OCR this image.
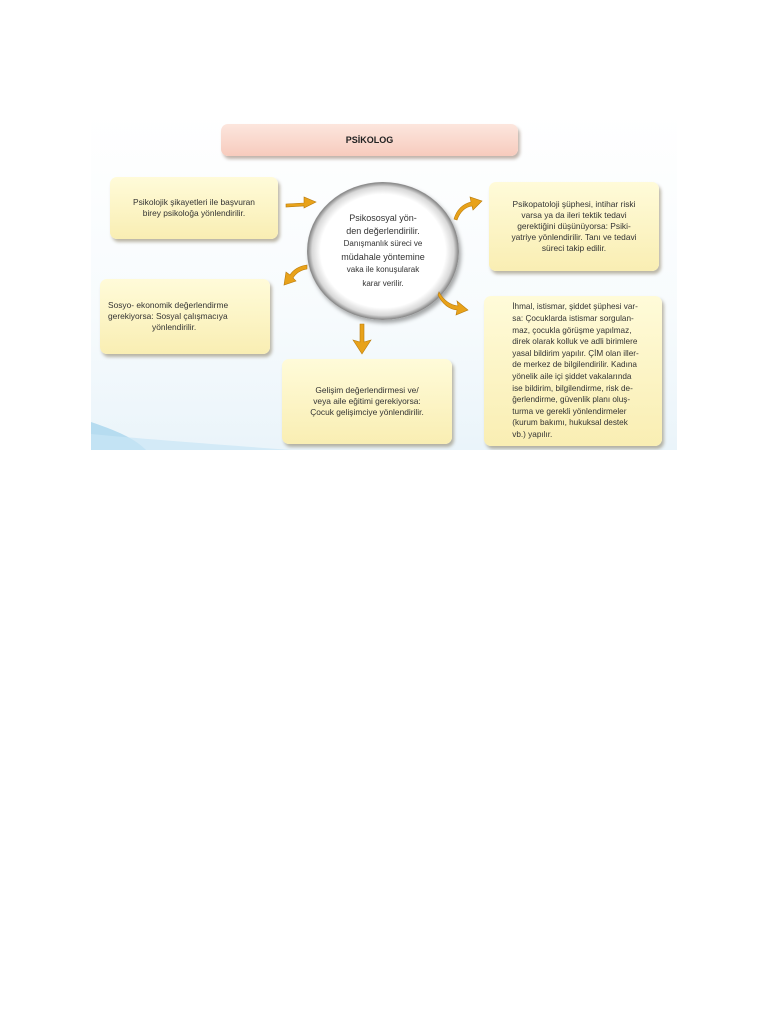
PSİKOLOG
Psikolojik şikayetleri ile başvuran
birey psikoloğa yönlendirilir.
Psikopatoloji şüphesi, intihar riski
varsa ya da ileri tektik tedavi
gerektiğini düşünüyorsa: Psiki-
yatriye yönlendirilir. Tanı ve tedavi
süreci takip edilir.
Sosyo- ekonomik değerlendirme
gerekiyorsa: Sosyal çalışmacıya
yönlendirilir.
Gelişim değerlendirmesi ve/
veya aile eğitimi gerekiyorsa:
Çocuk gelişimciye yönlendirilir.
İhmal, istismar, şiddet şüphesi var-
sa: Çocuklarda istismar sorgulan-
maz, çocukla görüşme yapılmaz,
direk olarak kolluk ve adli birimlere
yasal bildirim yapılır. ÇİM olan iller-
de merkez de bilgilendirilir. Kadına
yönelik aile içi şiddet vakalarında
ise bildirim, bilgilendirme, risk de-
ğerlendirme, güvenlik planı oluş-
turma ve gerekli yönlendirmeler
(kurum bakımı, hukuksal destek
vb.) yapılır.
Psikososyal yön-
den değerlendirilir.
Danışmanlık süreci ve
müdahale yöntemine
vaka ile konuşularak
karar verilir.
